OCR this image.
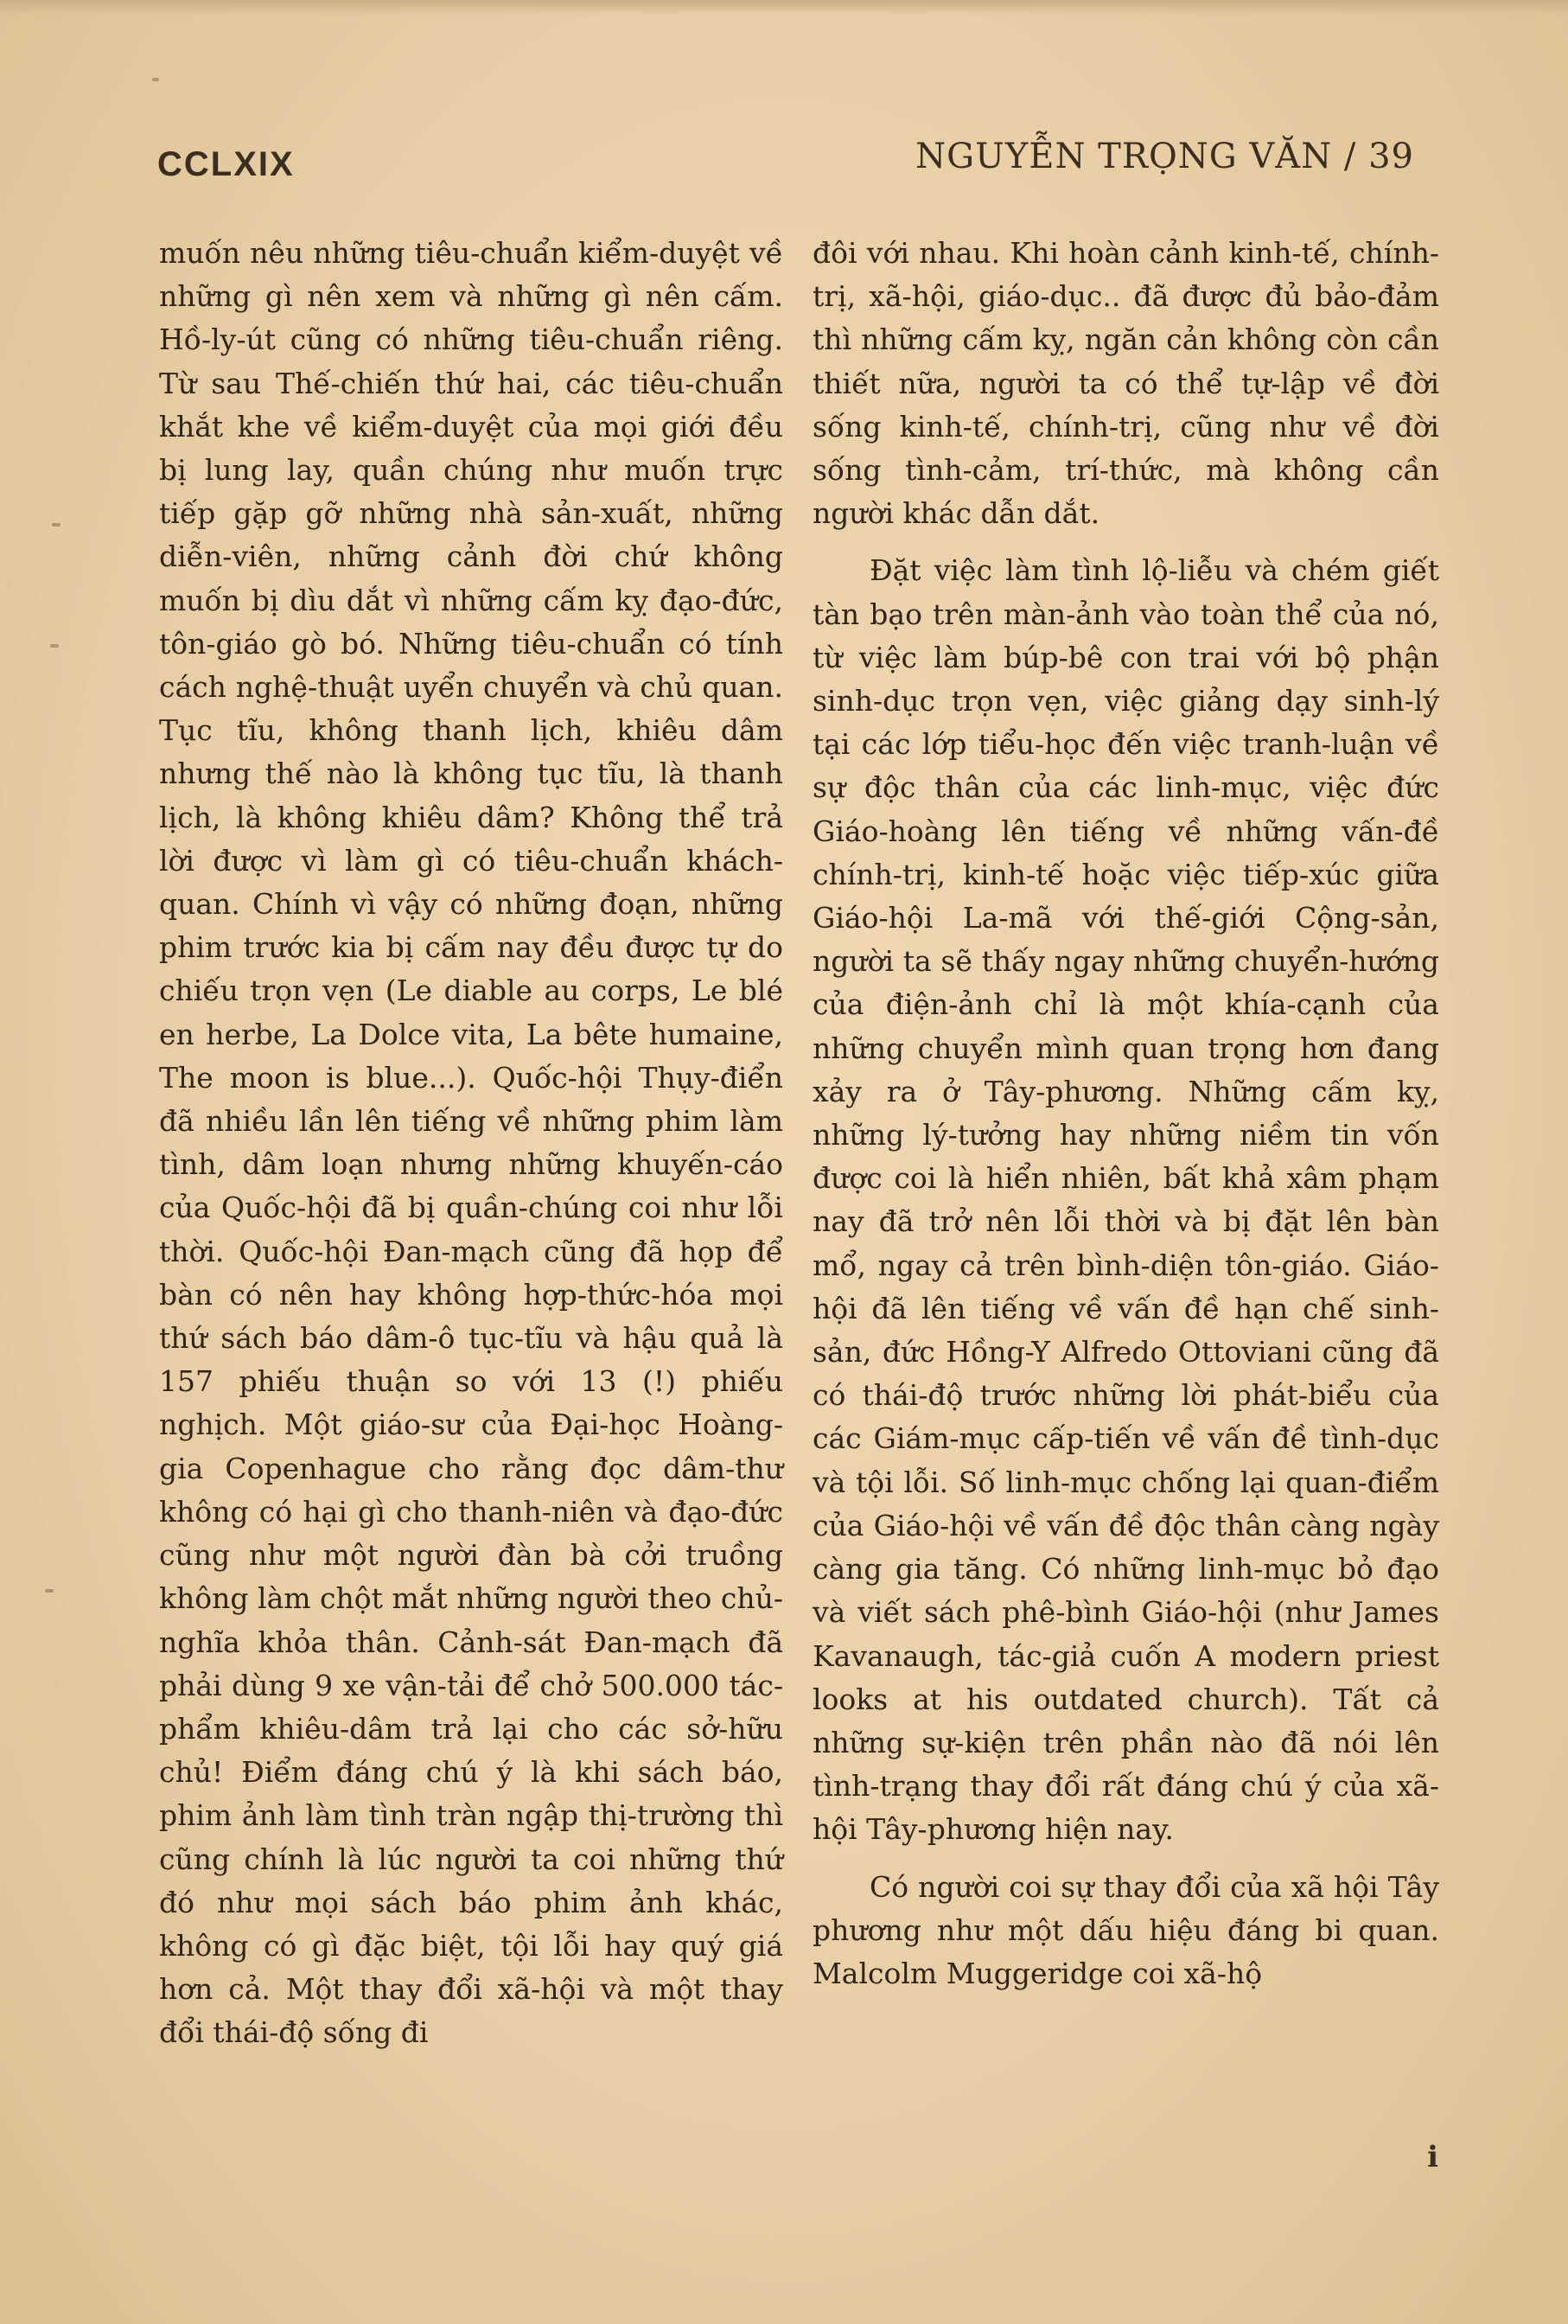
CCLXIX	NGUYỄN TRỌNG VĂN / 39

muốn nêu những tiêu-chuẩn kiểm-duyệt về những gì nên xem và những gì nên cấm. Hồ-ly-út cũng có những tiêu-chuẩn riêng. Từ sau Thế-chiến thứ hai, các tiêu-chuẩn khắt khe về kiểm-duyệt của mọi giới đều bị lung lay, quần chúng như muốn trực tiếp gặp gỡ những nhà sản-xuất, những diễn-viên, những cảnh đời chứ không muốn bị dìu dắt vì những cấm kỵ đạo-đức, tôn-giáo gò bó. Những tiêu-chuẩn có tính cách nghệ-thuật uyển chuyển và chủ quan. Tục tĩu, không thanh lịch, khiêu dâm nhưng thế nào là không tục tĩu, là thanh lịch, là không khiêu dâm? Không thể trả lời được vì làm gì có tiêu-chuẩn khách-quan. Chính vì vậy có những đoạn, những phim trước kia bị cấm nay đều được tự do chiếu trọn vẹn (Le diable au corps, Le blé en herbe, La Dolce vita, La bête humaine, The moon is blue...). Quốc-hội Thụy-điển đã nhiều lần lên tiếng về những phim làm tình, dâm loạn nhưng những khuyến-cáo của Quốc-hội đã bị quần-chúng coi như lỗi thời. Quốc-hội Đan-mạch cũng đã họp để bàn có nên hay không hợp-thức-hóa mọi thứ sách báo dâm-ô tục-tĩu và hậu quả là 157 phiếu thuận so với 13 (!) phiếu nghịch. Một giáo-sư của Đại-học Hoàng-gia Copenhague cho rằng đọc dâm-thư không có hại gì cho thanh-niên và đạo-đức cũng như một người đàn bà cởi truồng không làm chột mắt những người theo chủ-nghĩa khỏa thân. Cảnh-sát Đan-mạch đã phải dùng 9 xe vận-tải để chở 500.000 tác-phẩm khiêu-dâm trả lại cho các sở-hữu chủ! Điểm đáng chú ý là khi sách báo, phim ảnh làm tình tràn ngập thị-trường thì cũng chính là lúc người ta coi những thứ đó như mọi sách báo phim ảnh khác, không có gì đặc biệt, tội lỗi hay quý giá hơn cả. Một thay đổi xã-hội và một thay đổi thái-độ sống đi

đôi với nhau. Khi hoàn cảnh kinh-tế, chính-trị, xã-hội, giáo-dục.. đã được đủ bảo-đảm thì những cấm kỵ, ngăn cản không còn cần thiết nữa, người ta có thể tự-lập về đời sống kinh-tế, chính-trị, cũng như về đời sống tình-cảm, trí-thức, mà không cần người khác dẫn dắt.

Đặt việc làm tình lộ-liễu và chém giết tàn bạo trên màn-ảnh vào toàn thể của nó, từ việc làm búp-bê con trai với bộ phận sinh-dục trọn vẹn, việc giảng dạy sinh-lý tại các lớp tiểu-học đến việc tranh-luận về sự độc thân của các linh-mục, việc đức Giáo-hoàng lên tiếng về những vấn-đề chính-trị, kinh-tế hoặc việc tiếp-xúc giữa Giáo-hội La-mã với thế-giới Cộng-sản, người ta sẽ thấy ngay những chuyển-hướng của điện-ảnh chỉ là một khía-cạnh của những chuyển mình quan trọng hơn đang xảy ra ở Tây-phương. Những cấm kỵ, những lý-tưởng hay những niềm tin vốn được coi là hiển nhiên, bất khả xâm phạm nay đã trở nên lỗi thời và bị đặt lên bàn mổ, ngay cả trên bình-diện tôn-giáo. Giáo-hội đã lên tiếng về vấn đề hạn chế sinh-sản, đức Hồng-Y Alfredo Ottoviani cũng đã có thái-độ trước những lời phát-biểu của các Giám-mục cấp-tiến về vấn đề tình-dục và tội lỗi. Số linh-mục chống lại quan-điểm của Giáo-hội về vấn đề độc thân càng ngày càng gia tăng. Có những linh-mục bỏ đạo và viết sách phê-bình Giáo-hội (như James Kavanaugh, tác-giả cuốn A modern priest looks at his outdated church). Tất cả những sự-kiện trên phần nào đã nói lên tình-trạng thay đổi rất đáng chú ý của xã-hội Tây-phương hiện nay.

Có người coi sự thay đổi của xã hội Tây phương như một dấu hiệu đáng bi quan. Malcolm Muggeridge coi xã-hộ

i
